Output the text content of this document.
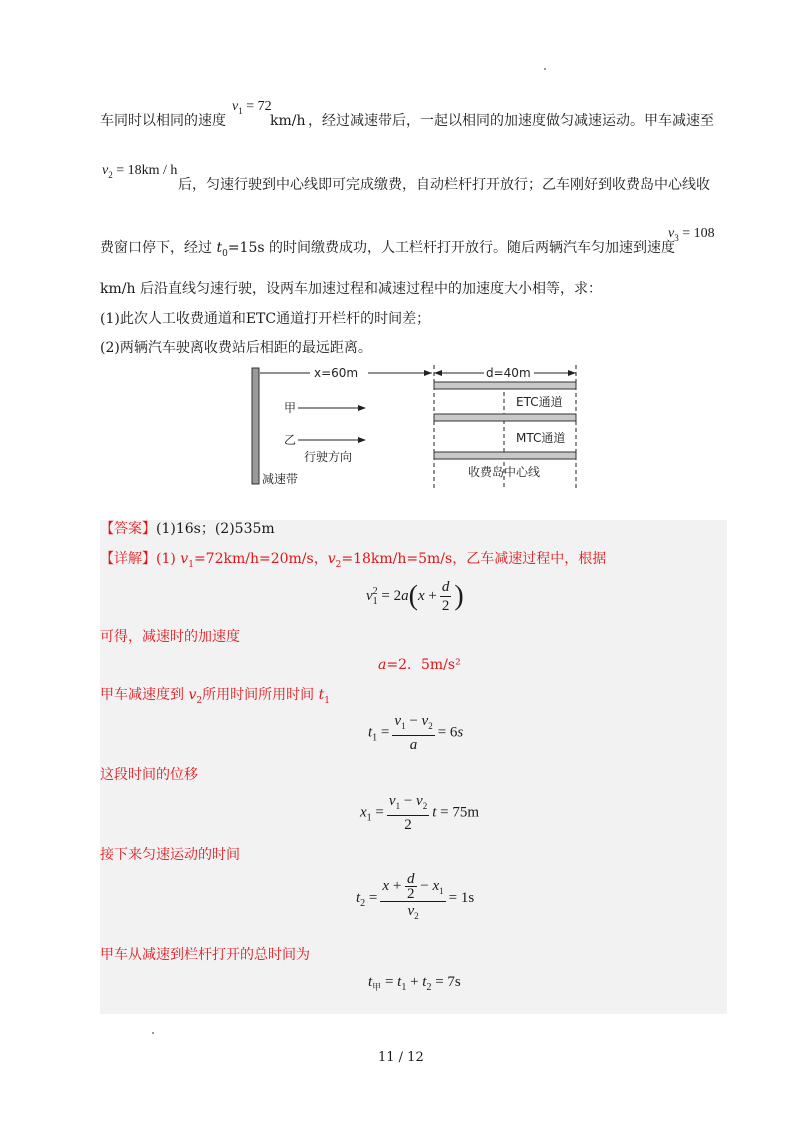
车同时以相同的速度
$v_1 = 72$
km/h ，经过减速带后，一起以相同的加速度做匀减速运动。甲车减速至
$v_2 = 18km / h$
后，匀速行驶到中心线即可完成缴费，自动栏杆打开放行；乙车刚好到收费岛中心线收
费窗口停下，经过 $t_0=15s$ 的时间缴费成功，人工栏杆打开放行。随后两辆汽车匀加速到速度
$v_3 = 108$
km/h 后沿直线匀速行驶，设两车加速过程和减速过程中的加速度大小相等，求：
(1)此次人工收费通道和ETC通道打开栏杆的时间差；
(2)两辆汽车驶离收费站后相距的最远距离。
减速带
x=60m	d=40m
ETC通道
MTC通道
收费岛中心线
甲
乙
行驶方向
【答案】(1)16s；(2)535m
【详解】(1) $v_1=72km/h=20m/s$，$v_2=18km/h=5m/s$，乙车减速过程中，根据
$v_1^2 = 2a(x + \frac{d}{2}$ )
可得，减速时的加速度
a=2．5m/s²
甲车减速度到 $v_2$所用时间所用时间 $t_1$
$t_1 = \frac{v_1 - v_2}{a} = 6s$
这段时间的位移
$x_1 = \frac{v_1 - v_2}{2}$ t = 75m
接下来匀速运动的时间
$t_2 = \frac{x + \frac{d}{2} - x_1}{v_2} = 1s$
甲车从减速到栏杆打开的总时间为
$t_甲 = t_1 + t_2 = 7s$
11 / 12
